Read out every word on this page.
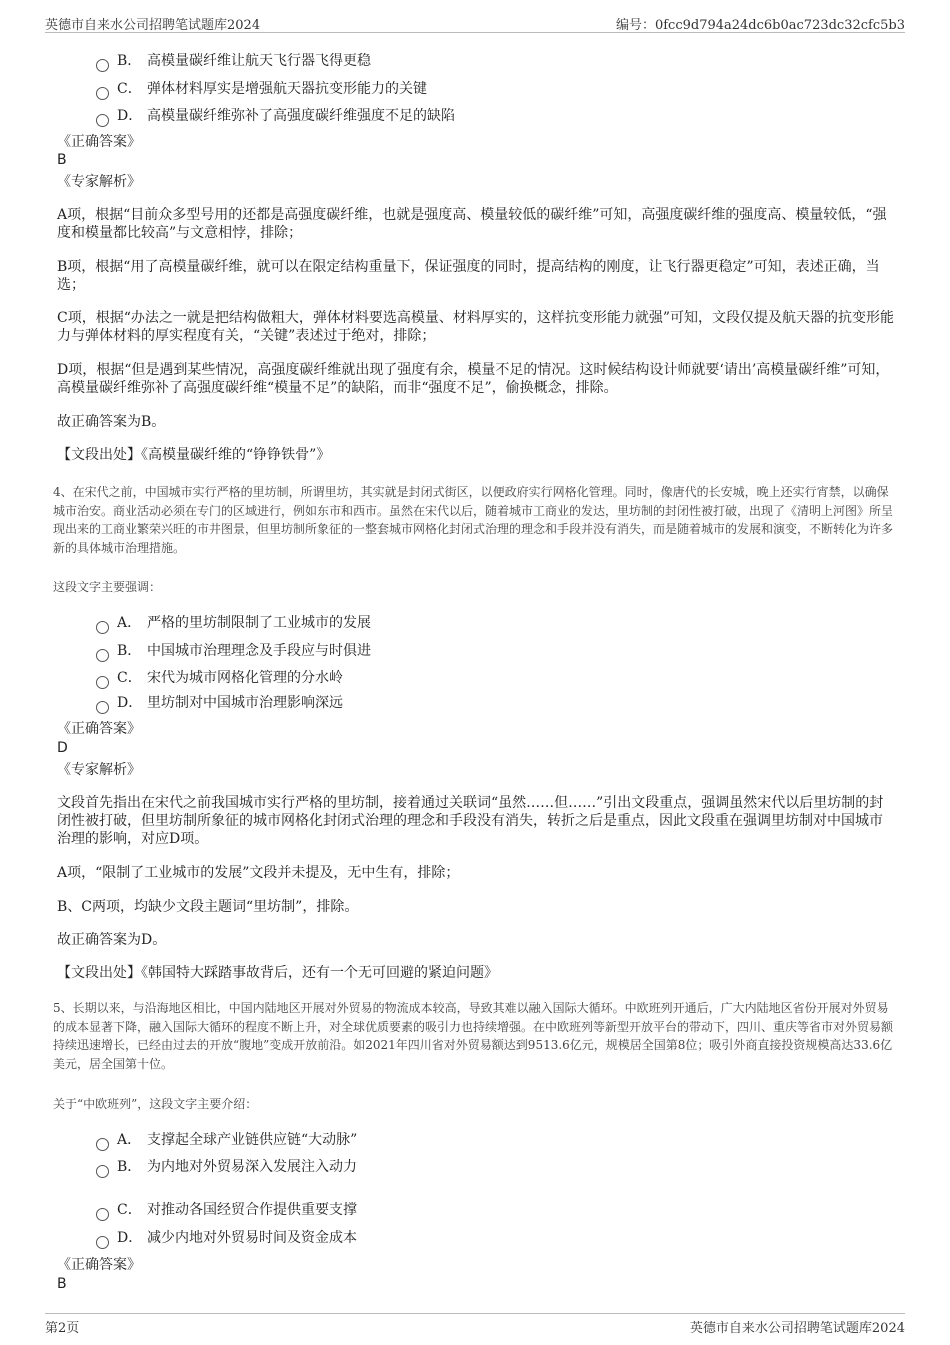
英德市自来水公司招聘笔试题库2024	编号：0fcc9d794a24dc6b0ac723dc32cfc5b3
B． 高模量碳纤维让航天飞行器飞得更稳
C． 弹体材料厚实是增强航天器抗变形能力的关键
D． 高模量碳纤维弥补了高强度碳纤维强度不足的缺陷
《正确答案》
B
《专家解析》
A项，根据“目前众多型号用的还都是高强度碳纤维，也就是强度高、模量较低的碳纤维”可知，高强度碳纤维的强度高、模量较低，“强度和模量都比较高”与文意相悖，排除；
B项，根据“用了高模量碳纤维，就可以在限定结构重量下，保证强度的同时，提高结构的刚度，让飞行器更稳定”可知，表述正确，当选；
C项，根据“办法之一就是把结构做粗大，弹体材料要选高模量、材料厚实的，这样抗变形能力就强”可知，文段仅提及航天器的抗变形能力与弹体材料的厚实程度有关，“关键”表述过于绝对，排除；
D项，根据“但是遇到某些情况，高强度碳纤维就出现了强度有余，模量不足的情况。这时候结构设计师就要‘请出’高模量碳纤维”可知，高模量碳纤维弥补了高强度碳纤维“模量不足”的缺陷，而非“强度不足”，偷换概念，排除。
故正确答案为B。
【文段出处】《高模量碳纤维的“铮铮铁骨”》
4、在宋代之前，中国城市实行严格的里坊制，所谓里坊，其实就是封闭式街区，以便政府实行网格化管理。同时，像唐代的长安城，晚上还实行宵禁，以确保城市治安。商业活动必须在专门的区域进行，例如东市和西市。虽然在宋代以后，随着城市工商业的发达，里坊制的封闭性被打破，出现了《清明上河图》所呈现出来的工商业繁荣兴旺的市井图景，但里坊制所象征的一整套城市网格化封闭式治理的理念和手段并没有消失，而是随着城市的发展和演变，不断转化为许多新的具体城市治理措施。
这段文字主要强调：
A． 严格的里坊制限制了工业城市的发展
B． 中国城市治理理念及手段应与时俱进
C． 宋代为城市网格化管理的分水岭
D． 里坊制对中国城市治理影响深远
《正确答案》
D
《专家解析》
文段首先指出在宋代之前我国城市实行严格的里坊制，接着通过关联词“虽然……但……”引出文段重点，强调虽然宋代以后里坊制的封闭性被打破，但里坊制所象征的城市网格化封闭式治理的理念和手段没有消失，转折之后是重点，因此文段重在强调里坊制对中国城市治理的影响，对应D项。
A项，“限制了工业城市的发展”文段并未提及，无中生有，排除；
B、C两项，均缺少文段主题词“里坊制”，排除。
故正确答案为D。
【文段出处】《韩国特大踩踏事故背后，还有一个无可回避的紧迫问题》
5、长期以来，与沿海地区相比，中国内陆地区开展对外贸易的物流成本较高，导致其难以融入国际大循环。中欧班列开通后，广大内陆地区省份开展对外贸易的成本显著下降，融入国际大循环的程度不断上升，对全球优质要素的吸引力也持续增强。在中欧班列等新型开放平台的带动下，四川、重庆等省市对外贸易额持续迅速增长，已经由过去的开放“腹地”变成开放前沿。如2021年四川省对外贸易额达到9513.6亿元，规模居全国第8位；吸引外商直接投资规模高达33.6亿美元，居全国第十位。
关于“中欧班列”，这段文字主要介绍：
A． 支撑起全球产业链供应链“大动脉”
B． 为内地对外贸易深入发展注入动力
C． 对推动各国经贸合作提供重要支撑
D． 减少内地对外贸易时间及资金成本
《正确答案》
B
第2页	英德市自来水公司招聘笔试题库2024
